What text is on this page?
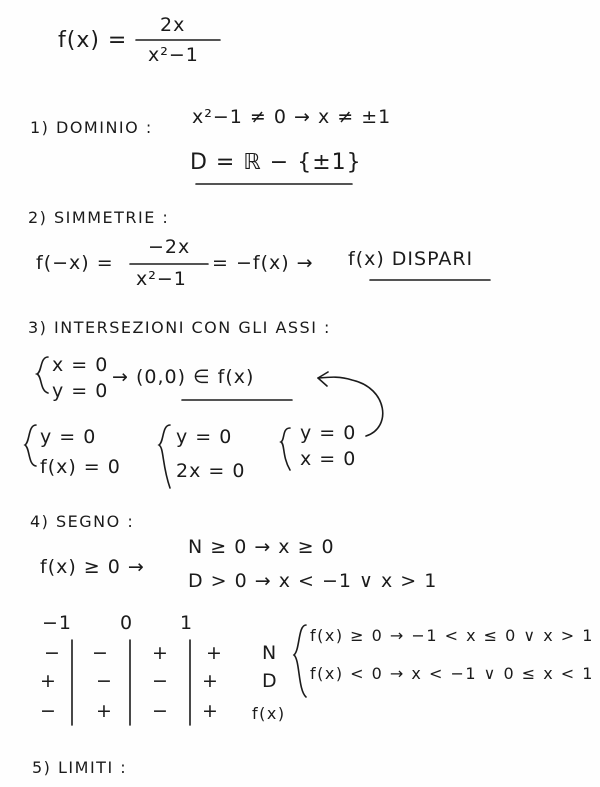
f(x) =
2x
x²−1
1) DOMINIO : x²−1 ≠ 0 → x ≠ ±1
D = ℝ − {±1}
2) SIMMETRIE :
f(−x) =
−2x
x²−1
= −f(x) → f(x) DISPARI
3) INTERSEZIONI CON GLI ASSI :
x = 0
y = 0
→ (0,0) ∈ f(x)
y = 0
f(x) = 0
y = 0
2x = 0
y = 0
x = 0
4) SEGNO :
f(x) ≥ 0 →
N ≥ 0 → x ≥ 0
D > 0 → x < −1 ∨ x > 1
−1	0 1
− − + +
+ − − +
− + − +
N
D
f(x)
f(x) ≥ 0 → −1 < x ≤ 0 ∨ x > 1
f(x) < 0 → x < −1 ∨ 0 ≤ x < 1
5) LIMITI :
